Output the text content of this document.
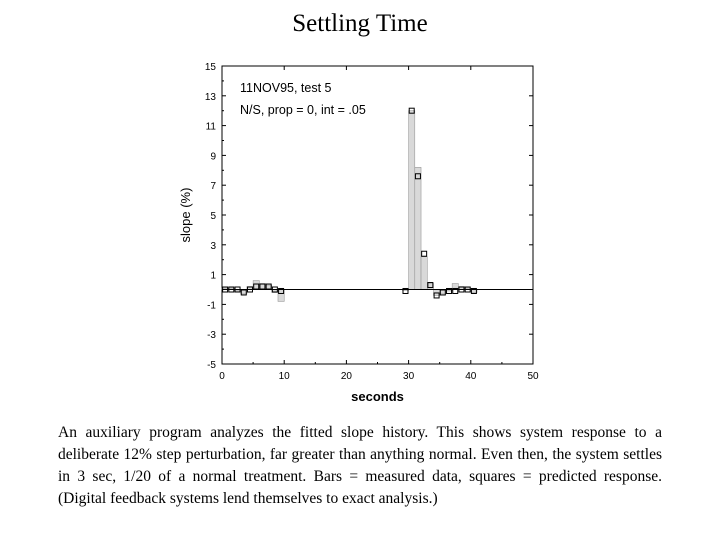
Settling Time
-5
-3
-1
1
3
5
7
9
11
13
15
0	10	20	30	40	50
seconds
slope (%)
11NOV95, test 5
N/S, prop = 0, int = .05
An auxiliary program analyzes the fitted slope history. This shows system response to a deliberate 12% step perturbation, far greater than anything normal. Even then, the system settles in 3 sec, 1/20 of a normal treatment. Bars = measured data, squares = predicted response. (Digital feedback systems lend themselves to exact analysis.)
